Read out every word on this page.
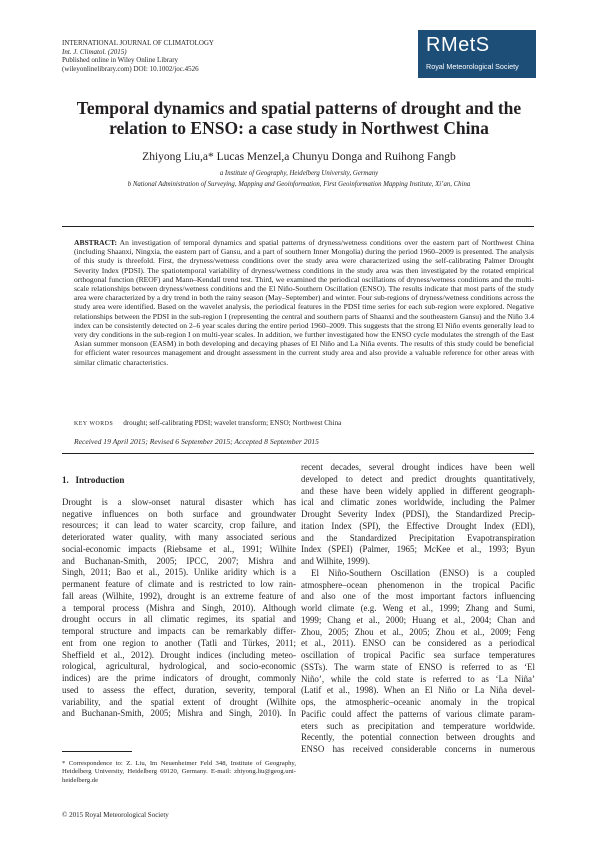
INTERNATIONAL JOURNAL OF CLIMATOLOGY
Int. J. Climatol. (2015)
Published online in Wiley Online Library
(wileyonlinelibrary.com) DOI: 10.1002/joc.4526
RMetS
Royal Meteorological Society
Temporal dynamics and spatial patterns of drought and the relation to ENSO: a case study in Northwest China
Zhiyong Liu,a* Lucas Menzel,a Chunyu Donga and Ruihong Fangb
a Institute of Geography, Heidelberg University, Germany
b National Administration of Surveying, Mapping and Geoinformation, First Geoinformation Mapping Institute, Xi’an, China
ABSTRACT: An investigation of temporal dynamics and spatial patterns of dryness/wetness conditions over the eastern part of Northwest China (including Shaanxi, Ningxia, the eastern part of Gansu, and a part of southern Inner Mongolia) during the period 1960–2009 is presented. The analysis of this study is threefold. First, the dryness/wetness conditions over the study area were characterized using the self-calibrating Palmer Drought Severity Index (PDSI). The spatiotemporal variability of dryness/wetness conditions in the study area was then investigated by the rotated empirical orthogonal function (REOF) and Mann–Kendall trend test. Third, we examined the periodical oscillations of dryness/wetness conditions and the multi-scale relationships between dryness/wetness conditions and the El Niño-Southern Oscillation (ENSO). The results indicate that most parts of the study area were characterized by a dry trend in both the rainy season (May–September) and winter. Four sub-regions of dryness/wetness conditions across the study area were identified. Based on the wavelet analysis, the periodical features in the PDSI time series for each sub-region were explored. Negative relationships between the PDSI in the sub-region I (representing the central and southern parts of Shaanxi and the southeastern Gansu) and the Niño 3.4 index can be consistently detected on 2–6 year scales during the entire period 1960–2009. This suggests that the strong El Niño events generally lead to very dry conditions in the sub-region I on multi-year scales. In addition, we further investigated how the ENSO cycle modulates the strength of the East Asian summer monsoon (EASM) in both developing and decaying phases of El Niño and La Niña events. The results of this study could be beneficial for efficient water resources management and drought assessment in the current study area and also provide a valuable reference for other areas with similar climatic characteristics.
KEY WORDS drought; self-calibrating PDSI; wavelet transform; ENSO; Northwest China
Received 19 April 2015; Revised 6 September 2015; Accepted 8 September 2015
1. Introduction
Drought is a slow-onset natural disaster which has
negative influences on both surface and groundwater
resources; it can lead to water scarcity, crop failure, and
deteriorated water quality, with many associated serious
social-economic impacts (Riebsame et al., 1991; Wilhite
and Buchanan-Smith, 2005; IPCC, 2007; Mishra and
Singh, 2011; Bao et al., 2015). Unlike aridity which is a
permanent feature of climate and is restricted to low rain-
fall areas (Wilhite, 1992), drought is an extreme feature of
a temporal process (Mishra and Singh, 2010). Although
drought occurs in all climatic regimes, its spatial and
temporal structure and impacts can be remarkably differ-
ent from one region to another (Tatli and Türkes, 2011;
Sheffield et al., 2012). Drought indices (including meteo-
rological, agricultural, hydrological, and socio-economic
indices) are the prime indicators of drought, commonly
used to assess the effect, duration, severity, temporal
variability, and the spatial extent of drought (Wilhite
and Buchanan-Smith, 2005; Mishra and Singh, 2010). In
recent decades, several drought indices have been well
developed to detect and predict droughts quantitatively,
and these have been widely applied in different geograph-
ical and climatic zones worldwide, including the Palmer
Drought Severity Index (PDSI), the Standardized Precip-
itation Index (SPI), the Effective Drought Index (EDI),
and the Standardized Precipitation Evapotranspiration
Index (SPEI) (Palmer, 1965; McKee et al., 1993; Byun
and Wilhite, 1999).
El Niño-Southern Oscillation (ENSO) is a coupled
atmosphere–ocean phenomenon in the tropical Pacific
and also one of the most important factors influencing
world climate (e.g. Weng et al., 1999; Zhang and Sumi,
1999; Chang et al., 2000; Huang et al., 2004; Chan and
Zhou, 2005; Zhou et al., 2005; Zhou et al., 2009; Feng
et al., 2011). ENSO can be considered as a periodical
oscillation of tropical Pacific sea surface temperatures
(SSTs). The warm state of ENSO is referred to as ‘El
Niño’, while the cold state is referred to as ‘La Niña’
(Latif et al., 1998). When an El Niño or La Niña devel-
ops, the atmospheric–oceanic anomaly in the tropical
Pacific could affect the patterns of various climate param-
eters such as precipitation and temperature worldwide.
Recently, the potential connection between droughts and
ENSO has received considerable concerns in numerous
* Correspondence to: Z. Liu, Im Neuenheimer Feld 348, Institute of Geography, Heidelberg University, Heidelberg 69120, Germany. E-mail: zhiyong.liu@geog.uni-heidelberg.de
© 2015 Royal Meteorological Society
